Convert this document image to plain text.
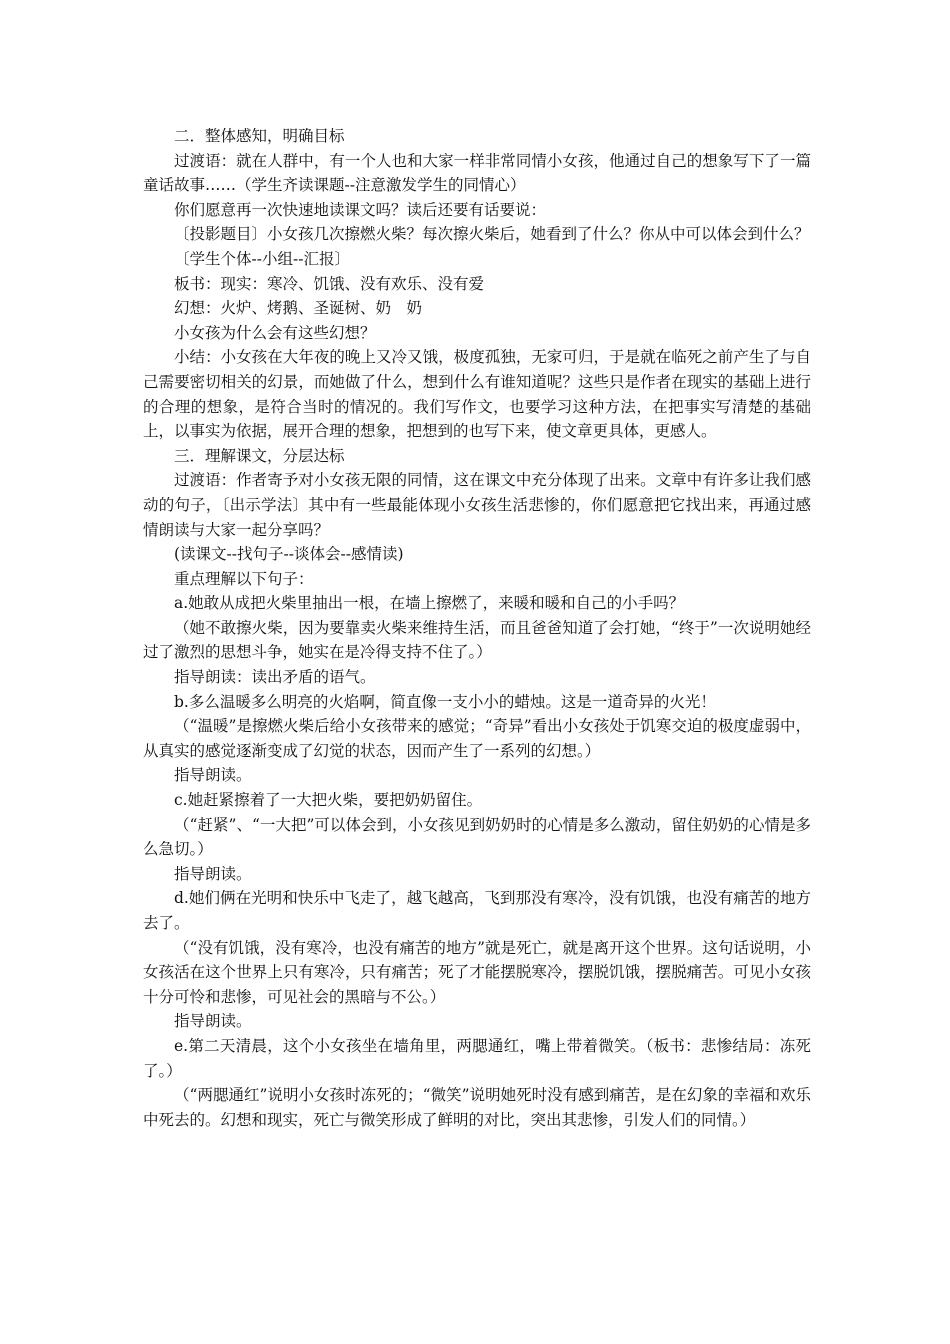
二．整体感知，明确目标

过渡语：就在人群中，有一个人也和大家一样非常同情小女孩，他通过自己的想象写下了一篇童话故事……（学生齐读课题--注意激发学生的同情心）

你们愿意再一次快速地读课文吗？读后还要有话要说：

〔投影题目〕小女孩几次擦燃火柴？每次擦火柴后，她看到了什么？你从中可以体会到什么？

〔学生个体--小组--汇报〕

板书：现实：寒冷、饥饿、没有欢乐、没有爱

幻想：火炉、烤鹅、圣诞树、奶　奶

小女孩为什么会有这些幻想？

小结：小女孩在大年夜的晚上又冷又饿，极度孤独，无家可归，于是就在临死之前产生了与自己需要密切相关的幻景，而她做了什么，想到什么有谁知道呢？这些只是作者在现实的基础上进行的合理的想象，是符合当时的情况的。我们写作文，也要学习这种方法，在把事实写清楚的基础上，以事实为依据，展开合理的想象，把想到的也写下来，使文章更具体，更感人。

三．理解课文，分层达标

过渡语：作者寄予对小女孩无限的同情，这在课文中充分体现了出来。文章中有许多让我们感动的句子，〔出示学法〕其中有一些最能体现小女孩生活悲惨的，你们愿意把它找出来，再通过感情朗读与大家一起分享吗？

(读课文--找句子--谈体会--感情读)

重点理解以下句子：

a.她敢从成把火柴里抽出一根，在墙上擦燃了，来暖和暖和自己的小手吗？

（她不敢擦火柴，因为要靠卖火柴来维持生活，而且爸爸知道了会打她，“终于”一次说明她经过了激烈的思想斗争，她实在是冷得支持不住了。）

指导朗读：读出矛盾的语气。

b.多么温暖多么明亮的火焰啊，简直像一支小小的蜡烛。这是一道奇异的火光！

（“温暖”是擦燃火柴后给小女孩带来的感觉；“奇异”看出小女孩处于饥寒交迫的极度虚弱中，从真实的感觉逐渐变成了幻觉的状态，因而产生了一系列的幻想。）

指导朗读。

c.她赶紧擦着了一大把火柴，要把奶奶留住。

（“赶紧”、“一大把”可以体会到，小女孩见到奶奶时的心情是多么激动，留住奶奶的心情是多么急切。）

指导朗读。

d.她们俩在光明和快乐中飞走了，越飞越高，飞到那没有寒冷，没有饥饿，也没有痛苦的地方去了。

（“没有饥饿，没有寒冷，也没有痛苦的地方”就是死亡，就是离开这个世界。这句话说明，小女孩活在这个世界上只有寒冷，只有痛苦；死了才能摆脱寒冷，摆脱饥饿，摆脱痛苦。可见小女孩十分可怜和悲惨，可见社会的黑暗与不公。）

指导朗读。

e.第二天清晨，这个小女孩坐在墙角里，两腮通红，嘴上带着微笑。（板书：悲惨结局：冻死了。）

（“两腮通红”说明小女孩时冻死的；“微笑”说明她死时没有感到痛苦，是在幻象的幸福和欢乐中死去的。幻想和现实，死亡与微笑形成了鲜明的对比，突出其悲惨，引发人们的同情。）
